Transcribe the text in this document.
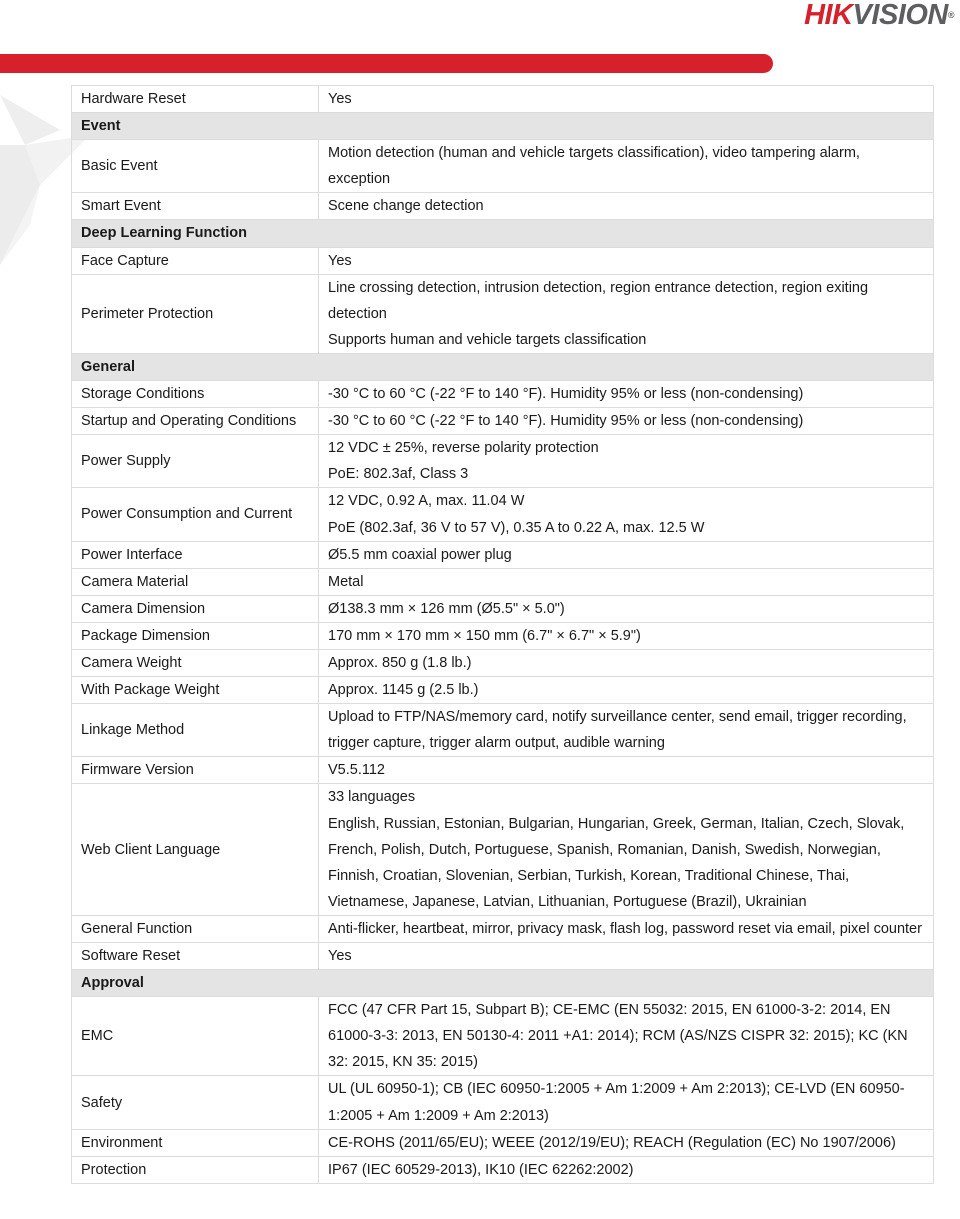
HIKVISION®
Hardware Reset	Yes

Event	
Basic Event	Motion detection (human and vehicle targets classification), video tampering alarm, exception

Smart Event	Scene change detection

Deep Learning Function	
Face Capture	Yes

Perimeter Protection	Line crossing detection, intrusion detection, region entrance detection, region exiting detection
Supports human and vehicle targets classification

General	
Storage Conditions	-30 °C to 60 °C (-22 °F to 140 °F). Humidity 95% or less (non-condensing)

Startup and Operating Conditions	-30 °C to 60 °C (-22 °F to 140 °F). Humidity 95% or less (non-condensing)

Power Supply	12 VDC ± 25%, reverse polarity protection
PoE: 802.3af, Class 3

Power Consumption and Current	12 VDC, 0.92 A, max. 11.04 W
PoE (802.3af, 36 V to 57 V), 0.35 A to 0.22 A, max. 12.5 W

Power Interface	Ø5.5 mm coaxial power plug

Camera Material	Metal

Camera Dimension	Ø138.3 mm × 126 mm (Ø5.5" × 5.0")

Package Dimension	170 mm × 170 mm × 150 mm (6.7" × 6.7" × 5.9")

Camera Weight	Approx. 850 g (1.8 lb.)

With Package Weight	Approx. 1145 g (2.5 lb.)

Linkage Method	Upload to FTP/NAS/memory card, notify surveillance center, send email, trigger recording, trigger capture, trigger alarm output, audible warning

Firmware Version	V5.5.112

Web Client Language	33 languages
English, Russian, Estonian, Bulgarian, Hungarian, Greek, German, Italian, Czech, Slovak, French, Polish, Dutch, Portuguese, Spanish, Romanian, Danish, Swedish, Norwegian, Finnish, Croatian, Slovenian, Serbian, Turkish, Korean, Traditional Chinese, Thai, Vietnamese, Japanese, Latvian, Lithuanian, Portuguese (Brazil), Ukrainian

General Function	Anti-flicker, heartbeat, mirror, privacy mask, flash log, password reset via email, pixel counter

Software Reset	Yes

Approval	
EMC	FCC (47 CFR Part 15, Subpart B); CE-EMC (EN 55032: 2015, EN 61000-3-2: 2014, EN 61000-3-3: 2013, EN 50130-4: 2011 +A1: 2014); RCM (AS/NZS CISPR 32: 2015); KC (KN 32: 2015, KN 35: 2015)

Safety	UL (UL 60950-1); CB (IEC 60950-1:2005 + Am 1:2009 + Am 2:2013); CE-LVD (EN 60950-1:2005 + Am 1:2009 + Am 2:2013)

Environment	CE-ROHS (2011/65/EU); WEEE (2012/19/EU); REACH (Regulation (EC) No 1907/2006)

Protection	IP67 (IEC 60529-2013), IK10 (IEC 62262:2002)
